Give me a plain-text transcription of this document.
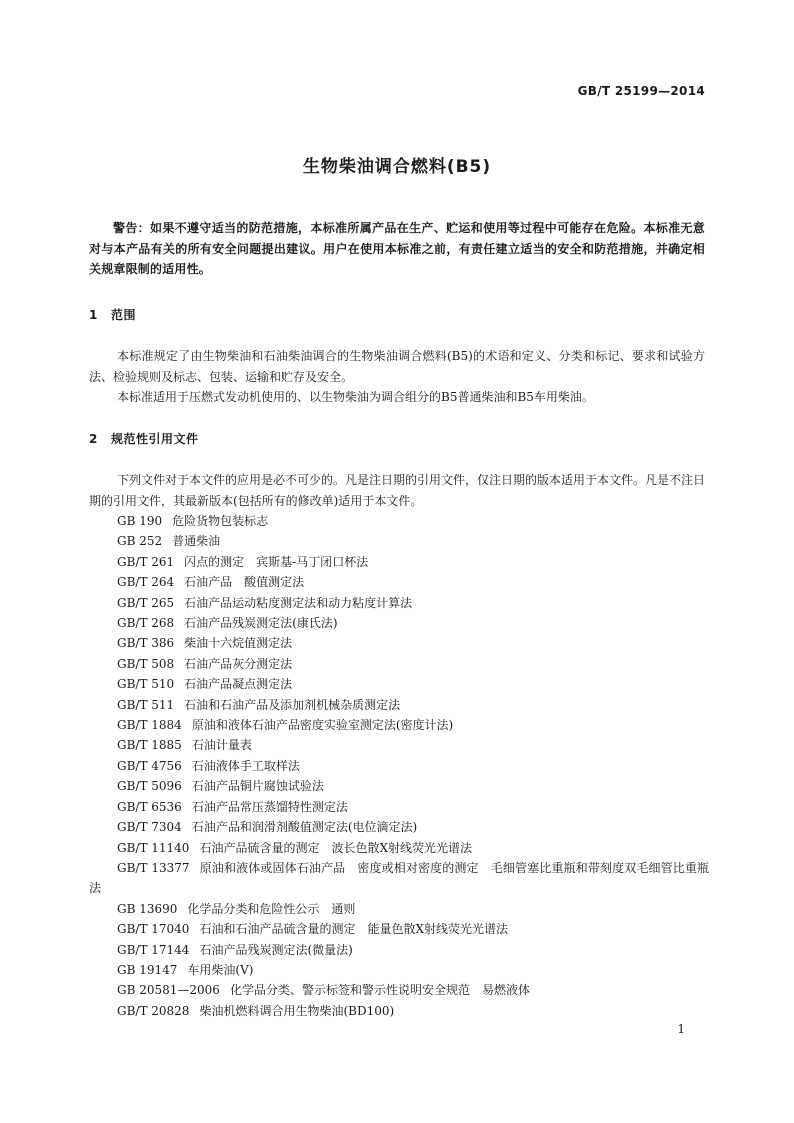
GB/T 25199—2014
生物柴油调合燃料(B5)
警告：如果不遵守适当的防范措施，本标准所属产品在生产、贮运和使用等过程中可能存在危险。本标准无意对与本产品有关的所有安全问题提出建议。用户在使用本标准之前，有责任建立适当的安全和防范措施，并确定相关规章限制的适用性。
1 范围

本标准规定了由生物柴油和石油柴油调合的生物柴油调合燃料(B5)的术语和定义、分类和标记、要求和试验方法、检验规则及标志、包装、运输和贮存及安全。

本标准适用于压燃式发动机使用的、以生物柴油为调合组分的B5普通柴油和B5车用柴油。

2 规范性引用文件

下列文件对于本文件的应用是必不可少的。凡是注日期的引用文件，仅注日期的版本适用于本文件。凡是不注日期的引用文件，其最新版本(包括所有的修改单)适用于本文件。

GB 190 危险货物包装标志
GB 252 普通柴油
GB/T 261 闪点的测定　宾斯基-马丁闭口杯法
GB/T 264 石油产品　酸值测定法
GB/T 265 石油产品运动粘度测定法和动力粘度计算法
GB/T 268 石油产品残炭测定法(康氏法)
GB/T 386 柴油十六烷值测定法
GB/T 508 石油产品灰分测定法
GB/T 510 石油产品凝点测定法
GB/T 511 石油和石油产品及添加剂机械杂质测定法
GB/T 1884 原油和液体石油产品密度实验室测定法(密度计法)
GB/T 1885 石油计量表
GB/T 4756 石油液体手工取样法
GB/T 5096 石油产品铜片腐蚀试验法
GB/T 6536 石油产品常压蒸馏特性测定法
GB/T 7304 石油产品和润滑剂酸值测定法(电位滴定法)
GB/T 11140 石油产品硫含量的测定　波长色散X射线荧光光谱法
GB/T 13377 原油和液体或固体石油产品　密度或相对密度的测定　毛细管塞比重瓶和带刻度双毛细管比重瓶法
GB 13690 化学品分类和危险性公示　通则
GB/T 17040 石油和石油产品硫含量的测定　能量色散X射线荧光光谱法
GB/T 17144 石油产品残炭测定法(微量法)
GB 19147 车用柴油(Ⅴ)
GB 20581—2006 化学品分类、警示标签和警示性说明安全规范　易燃液体
GB/T 20828 柴油机燃料调合用生物柴油(BD100)
1
